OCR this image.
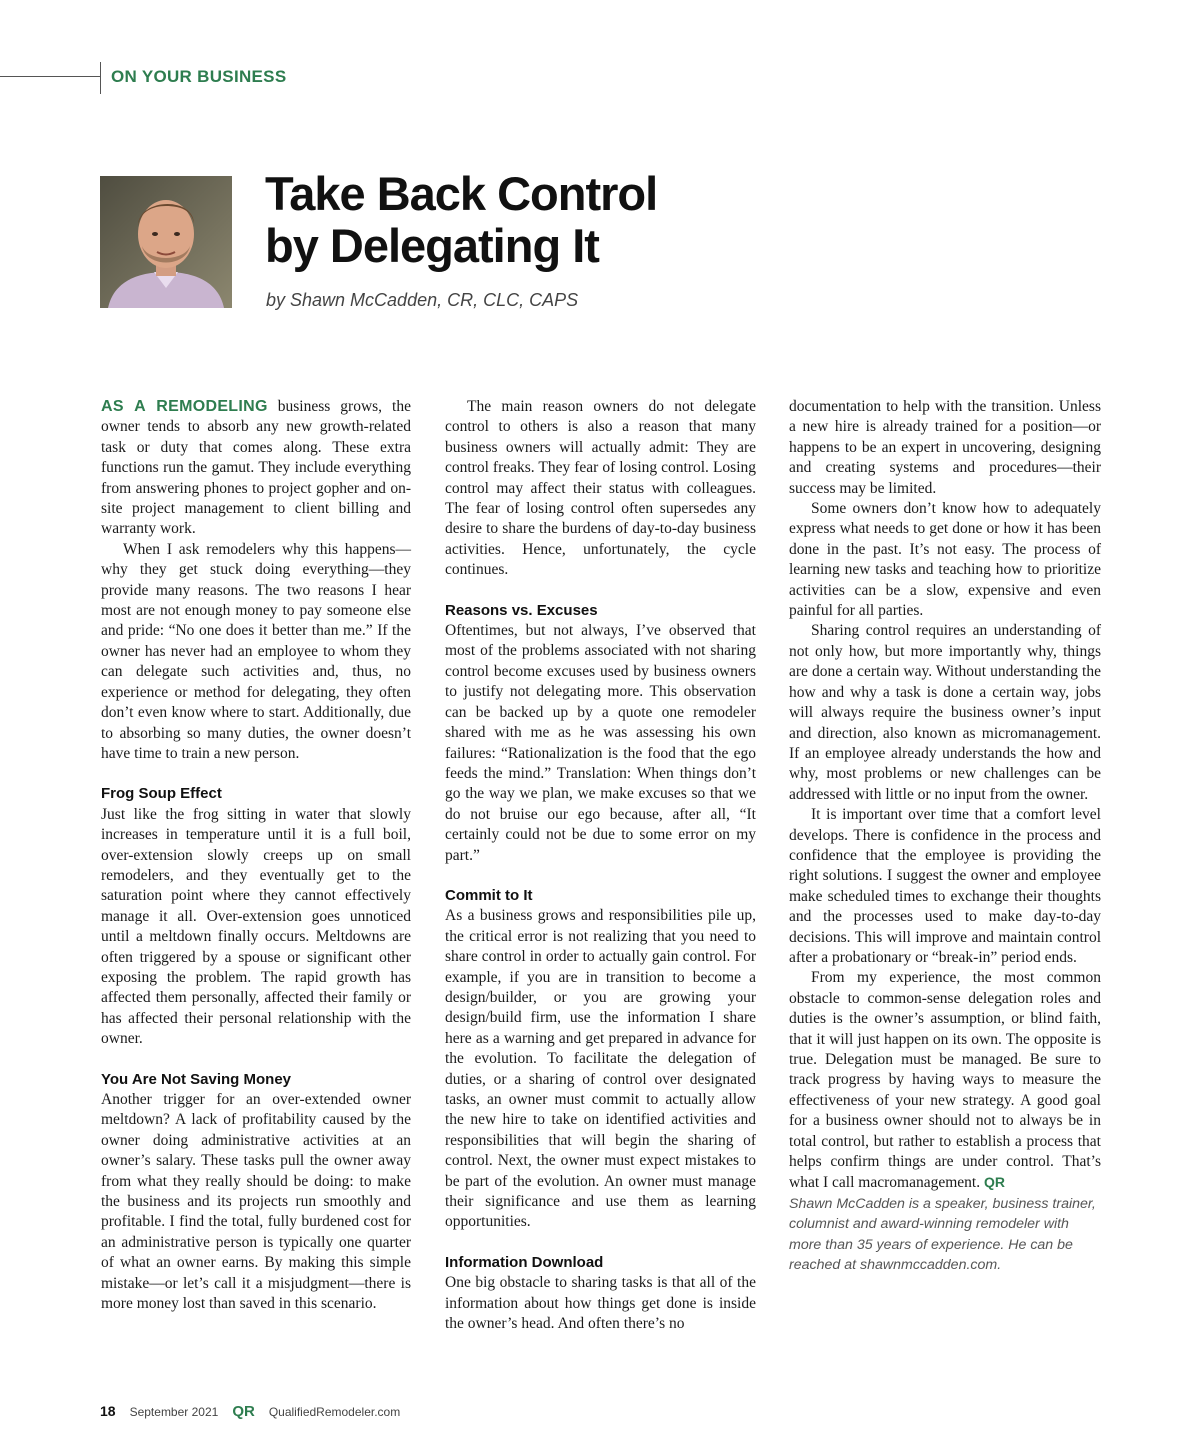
ON YOUR BUSINESS
Take Back Control
by Delegating It
by Shawn McCadden, CR, CLC, CAPS

AS A REMODELING business grows, the owner tends to absorb any new growth-related task or duty that comes along. These extra functions run the gamut. They include everything from answering phones to project gopher and on-site project management to client billing and warranty work.

When I ask remodelers why this happens—why they get stuck doing everything—they provide many reasons. The two reasons I hear most are not enough money to pay someone else and pride: “No one does it better than me.” If the owner has never had an employee to whom they can delegate such activities and, thus, no experience or method for delegating, they often don’t even know where to start. Additionally, due to absorbing so many duties, the owner doesn’t have time to train a new person.

Frog Soup Effect

Just like the frog sitting in water that slowly increases in temperature until it is a full boil, over-extension slowly creeps up on small remodelers, and they eventually get to the saturation point where they cannot effectively manage it all. Over-extension goes unnoticed until a meltdown finally occurs. Meltdowns are often triggered by a spouse or significant other exposing the problem. The rapid growth has affected them personally, affected their family or has affected their personal relationship with the owner.

You Are Not Saving Money

Another trigger for an over-extended owner meltdown? A lack of profitability caused by the owner doing administrative activities at an owner’s salary. These tasks pull the owner away from what they really should be doing: to make the business and its projects run smoothly and profitable. I find the total, fully burdened cost for an administrative person is typically one quarter of what an owner earns. By making this simple mistake—or let’s call it a misjudgment—there is more money lost than saved in this scenario.

The main reason owners do not delegate control to others is also a reason that many business owners will actually admit: They are control freaks. They fear of losing control. Losing control may affect their status with colleagues. The fear of losing control often supersedes any desire to share the burdens of day-to-day business activities. Hence, unfortunately, the cycle continues.

Reasons vs. Excuses

Oftentimes, but not always, I’ve observed that most of the problems associated with not sharing control become excuses used by business owners to justify not delegating more. This observation can be backed up by a quote one remodeler shared with me as he was assessing his own failures: “Rationalization is the food that the ego feeds the mind.” Translation: When things don’t go the way we plan, we make excuses so that we do not bruise our ego because, after all, “It certainly could not be due to some error on my part.”

Commit to It

As a business grows and responsibilities pile up, the critical error is not realizing that you need to share control in order to actually gain control. For example, if you are in transition to become a design/builder, or you are growing your design/build firm, use the information I share here as a warning and get prepared in advance for the evolution. To facilitate the delegation of duties, or a sharing of control over designated tasks, an owner must commit to actually allow the new hire to take on identified activities and responsibilities that will begin the sharing of control. Next, the owner must expect mistakes to be part of the evolution. An owner must manage their significance and use them as learning opportunities.

Information Download

One big obstacle to sharing tasks is that all of the information about how things get done is inside the owner’s head. And often there’s no

documentation to help with the transition. Unless a new hire is already trained for a position—or happens to be an expert in uncovering, designing and creating systems and procedures—their success may be limited.

Some owners don’t know how to adequately express what needs to get done or how it has been done in the past. It’s not easy. The process of learning new tasks and teaching how to prioritize activities can be a slow, expensive and even painful for all parties.

Sharing control requires an understanding of not only how, but more importantly why, things are done a certain way. Without understanding the how and why a task is done a certain way, jobs will always require the business owner’s input and direction, also known as micromanagement. If an employee already understands the how and why, most problems or new challenges can be addressed with little or no input from the owner.

It is important over time that a comfort level develops. There is confidence in the process and confidence that the employee is providing the right solutions. I suggest the owner and employee make scheduled times to exchange their thoughts and the processes used to make day-to-day decisions. This will improve and maintain control after a probationary or “break-in” period ends.

From my experience, the most common obstacle to common-sense delegation roles and duties is the owner’s assumption, or blind faith, that it will just happen on its own. The opposite is true. Delegation must be managed. Be sure to track progress by having ways to measure the effectiveness of your new strategy. A good goal for a business owner should not to always be in total control, but rather to establish a process that helps confirm things are under control. That’s what I call macromanagement. QR

Shawn McCadden is a speaker, business trainer, columnist and award-winning remodeler with more than 35 years of experience. He can be reached at shawnmccadden.com.

18 September 2021 QR QualifiedRemodeler.com
